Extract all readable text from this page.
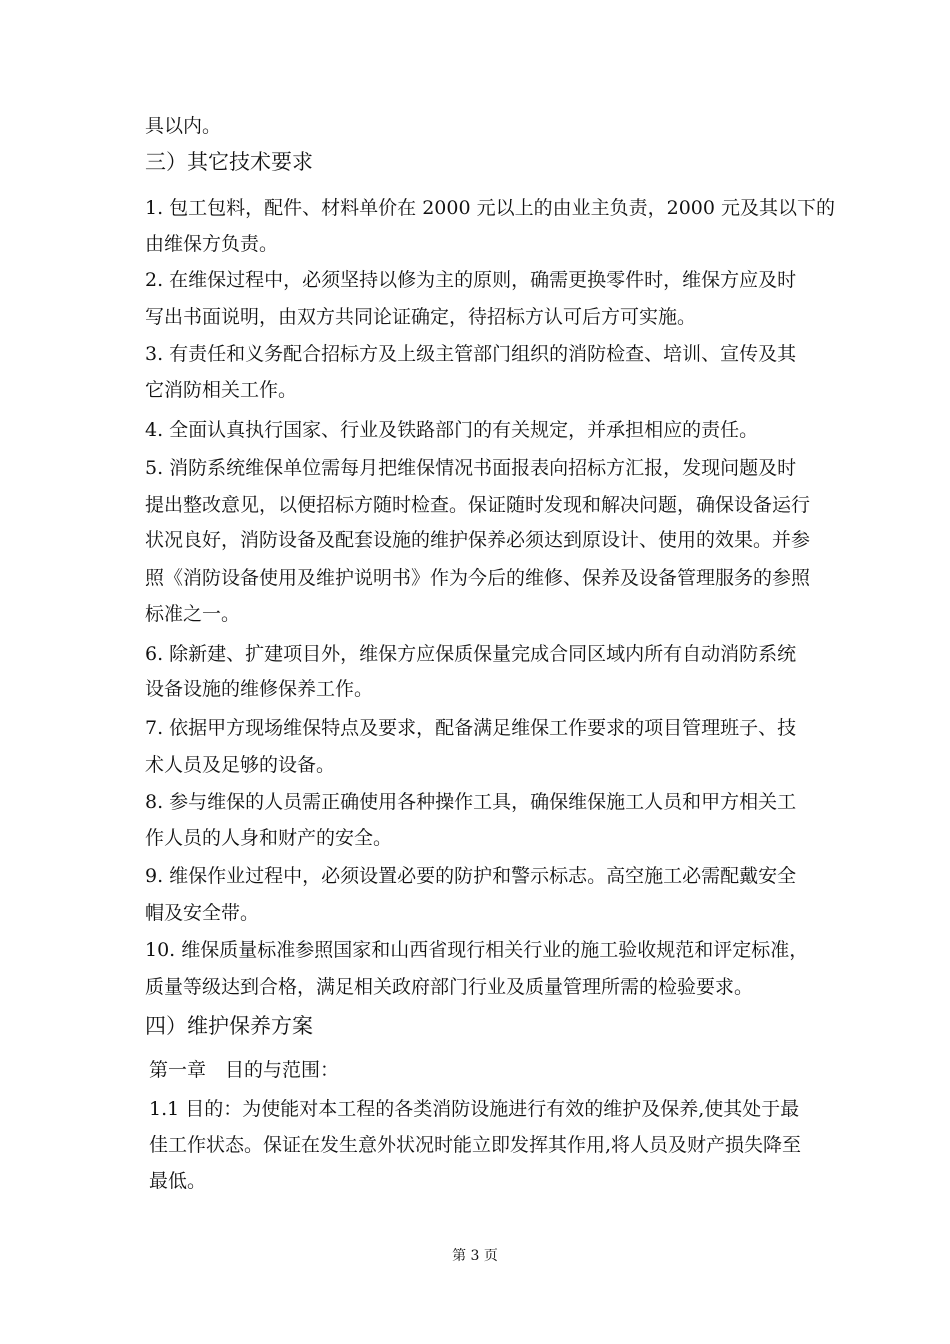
具以内。
三）其它技术要求
1. 包工包料，配件、材料单价在 2000 元以上的由业主负责，2000 元及其以下的
由维保方负责。
2. 在维保过程中，必须坚持以修为主的原则，确需更换零件时，维保方应及时
写出书面说明，由双方共同论证确定，待招标方认可后方可实施。
3. 有责任和义务配合招标方及上级主管部门组织的消防检查、培训、宣传及其
它消防相关工作。
4. 全面认真执行国家、行业及铁路部门的有关规定，并承担相应的责任。
5. 消防系统维保单位需每月把维保情况书面报表向招标方汇报，发现问题及时
提出整改意见，以便招标方随时检查。保证随时发现和解决问题，确保设备运行
状况良好，消防设备及配套设施的维护保养必须达到原设计、使用的效果。并参
照《消防设备使用及维护说明书》作为今后的维修、保养及设备管理服务的参照
标准之一。
6. 除新建、扩建项目外，维保方应保质保量完成合同区域内所有自动消防系统
设备设施的维修保养工作。
7. 依据甲方现场维保特点及要求，配备满足维保工作要求的项目管理班子、技
术人员及足够的设备。
8. 参与维保的人员需正确使用各种操作工具，确保维保施工人员和甲方相关工
作人员的人身和财产的安全。
9. 维保作业过程中，必须设置必要的防护和警示标志。高空施工必需配戴安全
帽及安全带。
10. 维保质量标准参照国家和山西省现行相关行业的施工验收规范和评定标准，
质量等级达到合格，满足相关政府部门行业及质量管理所需的检验要求。
四）维护保养方案
第一章　目的与范围：
1.1 目的：为使能对本工程的各类消防设施进行有效的维护及保养,使其处于最
佳工作状态。保证在发生意外状况时能立即发挥其作用,将人员及财产损失降至
最低。
第 3 页
